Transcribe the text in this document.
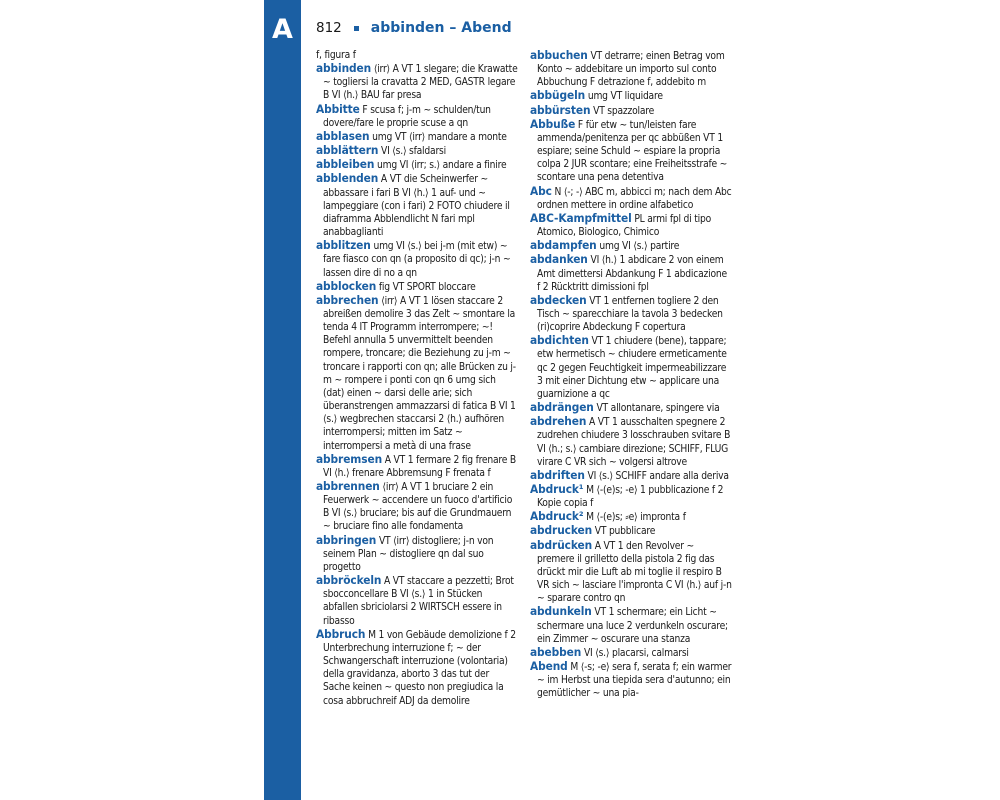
A	812 abbinden – Abend
f, figura f
abbinden ⟨irr⟩ A VT 1 slegare; die Krawatte ~ togliersi la cravatta 2 MED, GASTR legare B VI ⟨h.⟩ BAU far presa
Abbitte F scusa f; j-m ~ schulden/tun dovere/fare le proprie scuse a qn
abblasen umg VT ⟨irr⟩ mandare a monte
abblättern VI ⟨s.⟩ sfaldarsi
abbleiben umg VI ⟨irr; s.⟩ andare a finire
abblenden A VT die Scheinwerfer ~ abbassare i fari B VI ⟨h.⟩ 1 auf- und ~ lampeggiare (con i fari) 2 FOTO chiudere il diaframma Abblendlicht N fari mpl anabbaglianti
abblitzen umg VI ⟨s.⟩ bei j-m (mit etw) ~ fare fiasco con qn (a proposito di qc); j-n ~ lassen dire di no a qn
abblocken fig VT SPORT bloccare
abbrechen ⟨irr⟩ A VT 1 lösen staccare 2 abreißen demolire 3 das Zelt ~ smontare la tenda 4 IT Programm interrompere; ~! Befehl annulla 5 unvermittelt beenden rompere, troncare; die Beziehung zu j-m ~ troncare i rapporti con qn; alle Brücken zu j-m ~ rompere i ponti con qn 6 umg sich (dat) einen ~ darsi delle arie; sich überanstrengen ammazzarsi di fatica B VI 1 ⟨s.⟩ wegbrechen staccarsi 2 ⟨h.⟩ aufhören interrompersi; mitten im Satz ~ interrompersi a metà di una frase
abbremsen A VT 1 fermare 2 fig frenare B VI ⟨h.⟩ frenare Abbremsung F frenata f
abbrennen ⟨irr⟩ A VT 1 bruciare 2 ein Feuerwerk ~ accendere un fuoco d'artificio B VI ⟨s.⟩ bruciare; bis auf die Grundmauern ~ bruciare fino alle fondamenta
abbringen VT ⟨irr⟩ distogliere; j-n von seinem Plan ~ distogliere qn dal suo progetto
abbröckeln A VT staccare a pezzetti; Brot sbocconcellare B VI ⟨s.⟩ 1 in Stücken abfallen sbriciolarsi 2 WIRTSCH essere in ribasso
Abbruch M 1 von Gebäude demolizione f 2 Unterbrechung interruzione f; ~ der Schwangerschaft interruzione (volontaria) della gravidanza, aborto 3 das tut der Sache keinen ~ questo non pregiudica la cosa abbruchreif ADJ da demolire
abbuchen VT detrarre; einen Betrag vom Konto ~ addebitare un importo sul conto Abbuchung F detrazione f, addebito m
abbügeln umg VT liquidare
abbürsten VT spazzolare
Abbuße F für etw ~ tun/leisten fare ammenda/penitenza per qc abbüßen VT 1 espiare; seine Schuld ~ espiare la propria colpa 2 JUR scontare; eine Freiheitsstrafe ~ scontare una pena detentiva
Abc N ⟨-; -⟩ ABC m, abbicci m; nach dem Abc ordnen mettere in ordine alfabetico
ABC-Kampfmittel PL armi fpl di tipo Atomico, Biologico, Chimico
abdampfen umg VI ⟨s.⟩ partire
abdanken VI ⟨h.⟩ 1 abdicare 2 von einem Amt dimettersi Abdankung F 1 abdicazione f 2 Rücktritt dimissioni fpl
abdecken VT 1 entfernen togliere 2 den Tisch ~ sparecchiare la tavola 3 bedecken (ri)coprire Abdeckung F copertura
abdichten VT 1 chiudere (bene), tappare; etw hermetisch ~ chiudere ermeticamente qc 2 gegen Feuchtigkeit impermeabilizzare 3 mit einer Dichtung etw ~ applicare una guarnizione a qc
abdrängen VT allontanare, spingere via
abdrehen A VT 1 ausschalten spegnere 2 zudrehen chiudere 3 losschrauben svitare B VI ⟨h.; s.⟩ cambiare direzione; SCHIFF, FLUG virare C VR sich ~ volgersi altrove
abdriften VI ⟨s.⟩ SCHIFF andare alla deriva
Abdruck¹ M ⟨-(e)s; -e⟩ 1 pubblicazione f 2 Kopie copia f
Abdruck² M ⟨-(e)s; ⸗e⟩ impronta f
abdrucken VT pubblicare
abdrücken A VT 1 den Revolver ~ premere il grilletto della pistola 2 fig das drückt mir die Luft ab mi toglie il respiro B VR sich ~ lasciare l'impronta C VI ⟨h.⟩ auf j-n ~ sparare contro qn
abdunkeln VT 1 schermare; ein Licht ~ schermare una luce 2 verdunkeln oscurare; ein Zimmer ~ oscurare una stanza
abebben VI ⟨s.⟩ placarsi, calmarsi
Abend M ⟨-s; -e⟩ sera f, serata f; ein warmer ~ im Herbst una tiepida sera d'autunno; ein gemütlicher ~ una pia-
